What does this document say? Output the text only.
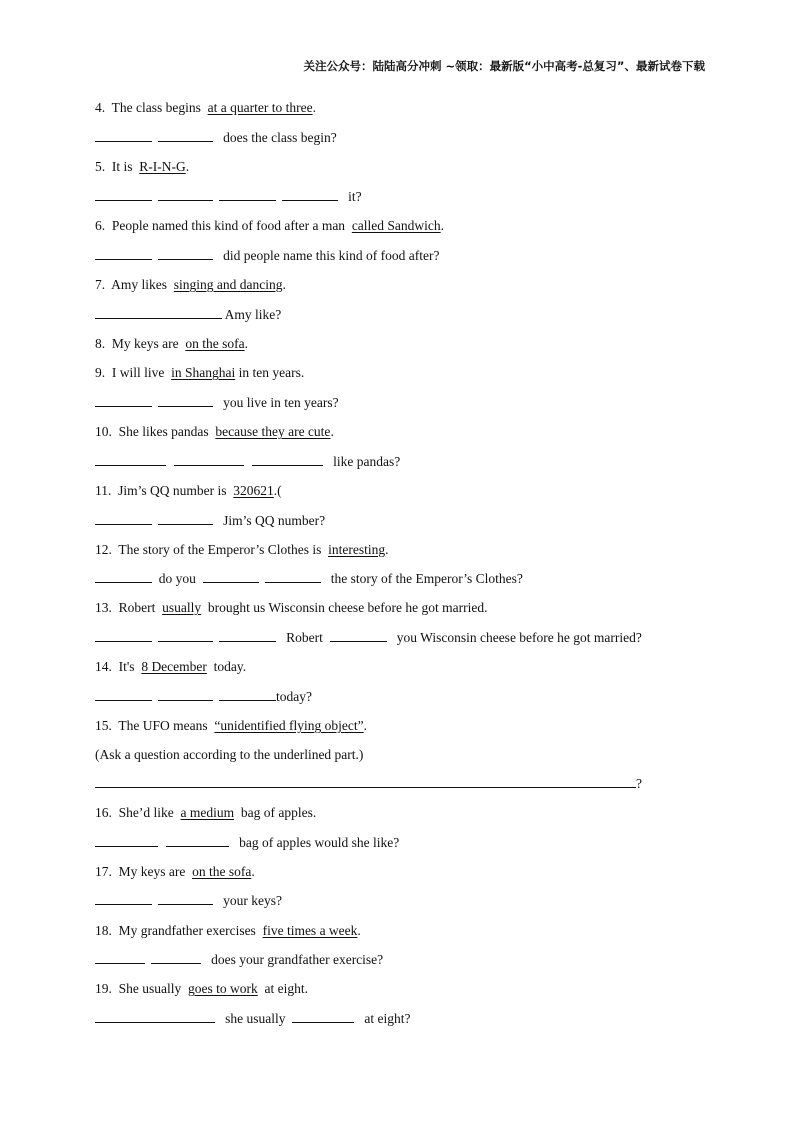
关注公众号：陆陆高分冲刺 ~领取：最新版“小中高考-总复习”、最新试卷下载
4. The class begins at a quarter to three.
does the class begin?
5. It is R-I-N-G.
it?
6. People named this kind of food after a man called Sandwich.
did people name this kind of food after?
7. Amy likes singing and dancing.
Amy like?
8. My keys are on the sofa.
9. I will live in Shanghai in ten years.
you live in ten years?
10. She likes pandas because they are cute.
like pandas?
11. Jim’s QQ number is 320621.(
Jim’s QQ number?
12. The story of the Emperor’s Clothes is interesting.
do you	the story of the Emperor’s Clothes?
13. Robert usually brought us Wisconsin cheese before he got married.
Robert	you Wisconsin cheese before he got married?
14. It's 8 December today.
today?
15. The UFO means “unidentified flying object”.
(Ask a question according to the underlined part.)
?
16. She’d like a medium bag of apples.
bag of apples would she like?
17. My keys are on the sofa.
your keys?
18. My grandfather exercises five times a week.
does your grandfather exercise?
19. She usually goes to work at eight.
she usually	at eight?
